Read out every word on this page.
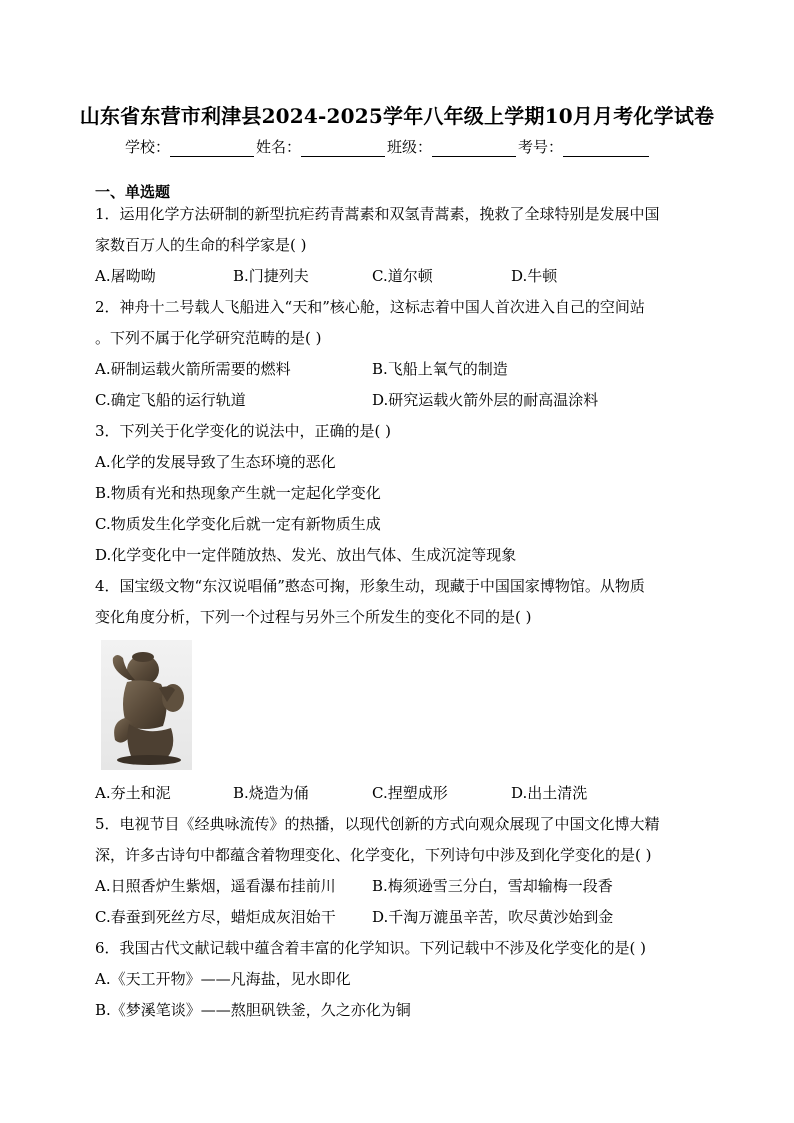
山东省东营市利津县2024-2025学年八年级上学期10月月考化学试卷
学校：	姓名：	班级：	考号：
一、单选题
1．运用化学方法研制的新型抗疟药青蒿素和双氢青蒿素，挽救了全球特别是发展中国
家数百万人的生命的科学家是( )
A.屠呦呦	B.门捷列夫	C.道尔顿	D.牛顿
2．神舟十二号载人飞船进入“天和”核心舱，这标志着中国人首次进入自己的空间站
。下列不属于化学研究范畴的是( )
A.研制运载火箭所需要的燃料	B.飞船上氧气的制造
C.确定飞船的运行轨道	D.研究运载火箭外层的耐高温涂料
3．下列关于化学变化的说法中，正确的是( )
A.化学的发展导致了生态环境的恶化
B.物质有光和热现象产生就一定起化学变化
C.物质发生化学变化后就一定有新物质生成
D.化学变化中一定伴随放热、发光、放出气体、生成沉淀等现象
4．国宝级文物“东汉说唱俑”憨态可掬，形象生动，现藏于中国国家博物馆。从物质
变化角度分析，下列一个过程与另外三个所发生的变化不同的是( )
A.夯土和泥	B.烧造为俑	C.捏塑成形	D.出土清洗
5．电视节目《经典咏流传》的热播，以现代创新的方式向观众展现了中国文化博大精
深，许多古诗句中都蕴含着物理变化、化学变化，下列诗句中涉及到化学变化的是( )
A.日照香炉生紫烟，遥看瀑布挂前川 B.梅须逊雪三分白，雪却输梅一段香
C.春蚕到死丝方尽，蜡炬成灰泪始干 D.千淘万漉虽辛苦，吹尽黄沙始到金
6．我国古代文献记载中蕴含着丰富的化学知识。下列记载中不涉及化学变化的是( )
A.《天工开物》——凡海盐，见水即化
B.《梦溪笔谈》——熬胆矾铁釜，久之亦化为铜
